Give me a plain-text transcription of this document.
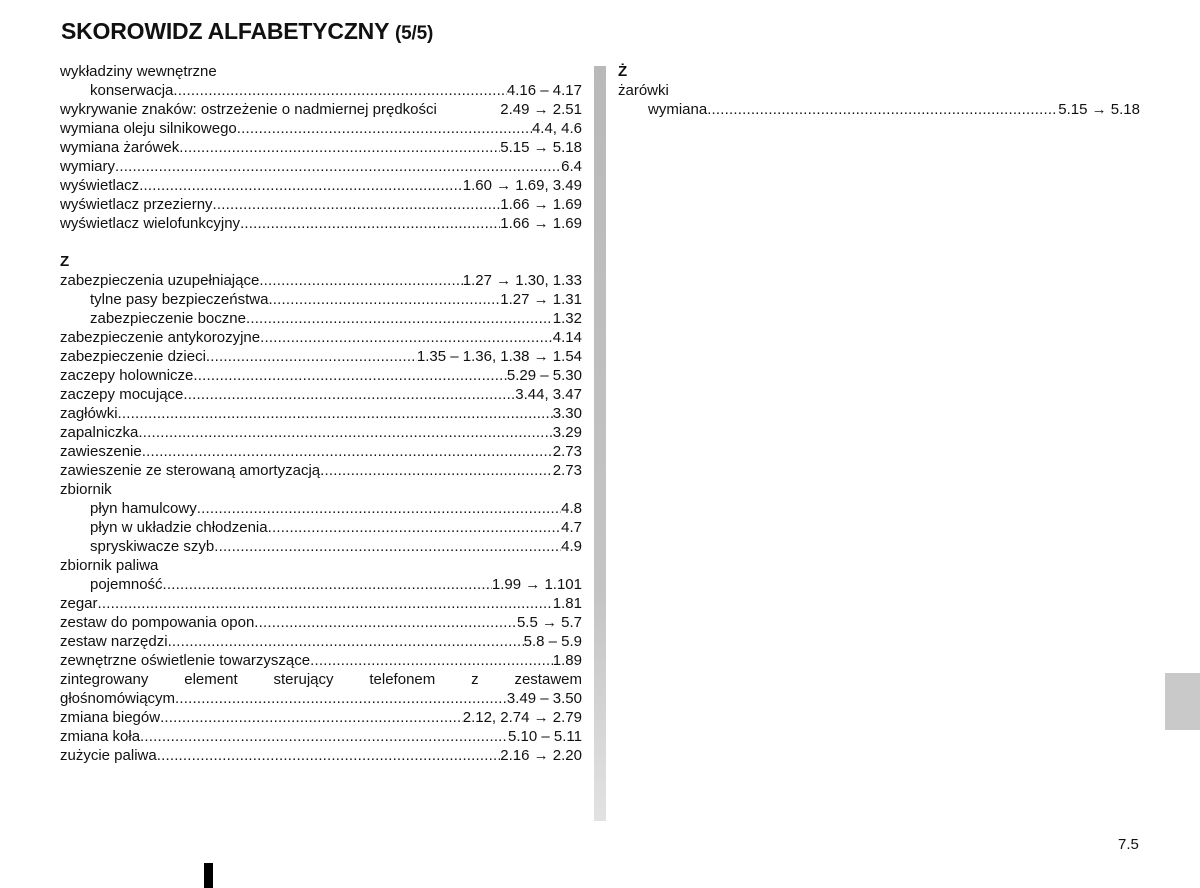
SKOROWIDZ ALFABETYCZNY (5/5)
wykładziny wewnętrzne
konserwacja .....	4.16 – 4.17
wykrywanie znaków: ostrzeżenie o nadmiernej prędkości	2.49 → 2.51
wymiana oleju silnikowego .....	4.4, 4.6
wymiana żarówek .....	5.15 → 5.18
wymiary .....	6.4
wyświetlacz .....	1.60 → 1.69, 3.49
wyświetlacz przezierny .....	1.66 → 1.69
wyświetlacz wielofunkcyjny .....	1.66 → 1.69
Z
zabezpieczenia uzupełniające .....	1.27 → 1.30, 1.33
tylne pasy bezpieczeństwa .....	1.27 → 1.31
zabezpieczenie boczne .....	1.32
zabezpieczenie antykorozyjne .....	4.14
zabezpieczenie dzieci .....	1.35 – 1.36, 1.38 → 1.54
zaczepy holownicze .....	5.29 – 5.30
zaczepy mocujące .....	3.44, 3.47
zagłówki .....	3.30
zapalniczka .....	3.29
zawieszenie .....	2.73
zawieszenie ze sterowaną amortyzacją .....	2.73
zbiornik
płyn hamulcowy .....	4.8
płyn w układzie chłodzenia .....	4.7
spryskiwacze szyb .....	4.9
zbiornik paliwa
pojemność .....	1.99 → 1.101
zegar .....	1.81
zestaw do pompowania opon .....	5.5 → 5.7
zestaw narzędzi .....	5.8 – 5.9
zewnętrzne oświetlenie towarzyszące .....	1.89
zintegrowany element sterujący telefonem z zestawem
głośnomówiącym .....	3.49 – 3.50
zmiana biegów .....	2.12, 2.74 → 2.79
zmiana koła .....	5.10 – 5.11
zużycie paliwa .....	2.16 → 2.20
Ż
żarówki
wymiana .....	5.15 → 5.18
7.5
